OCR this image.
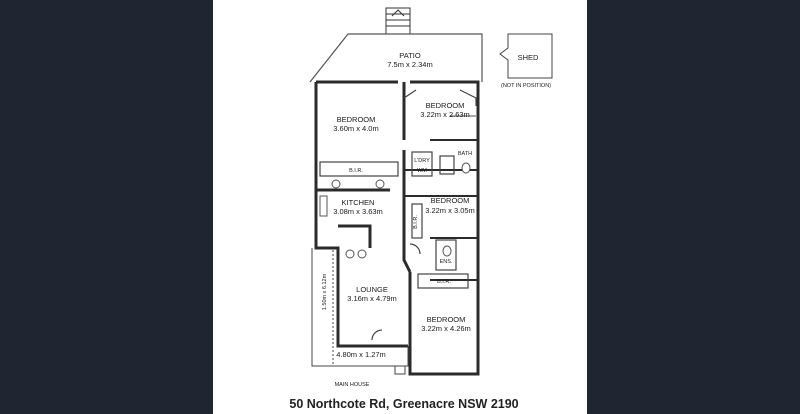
PATIO
7.5m x 2.34m
SHED
(NOT IN POSITION)
BEDROOM
3.60m x 4.0m
BEDROOM
3.22m x 2.63m
KITCHEN
3.08m x 3.63m
BEDROOM
3.22m x 3.05m
LOUNGE
3.16m x 4.79m
BEDROOM
3.22m x 4.26m
BATH
L'DRY
WM
B.I.R.
B.I.R.
B.I.R.
ENS.
1.50m x 6.12m
4.80m x 1.27m
MAIN HOUSE
50 Northcote Rd, Greenacre NSW 2190
